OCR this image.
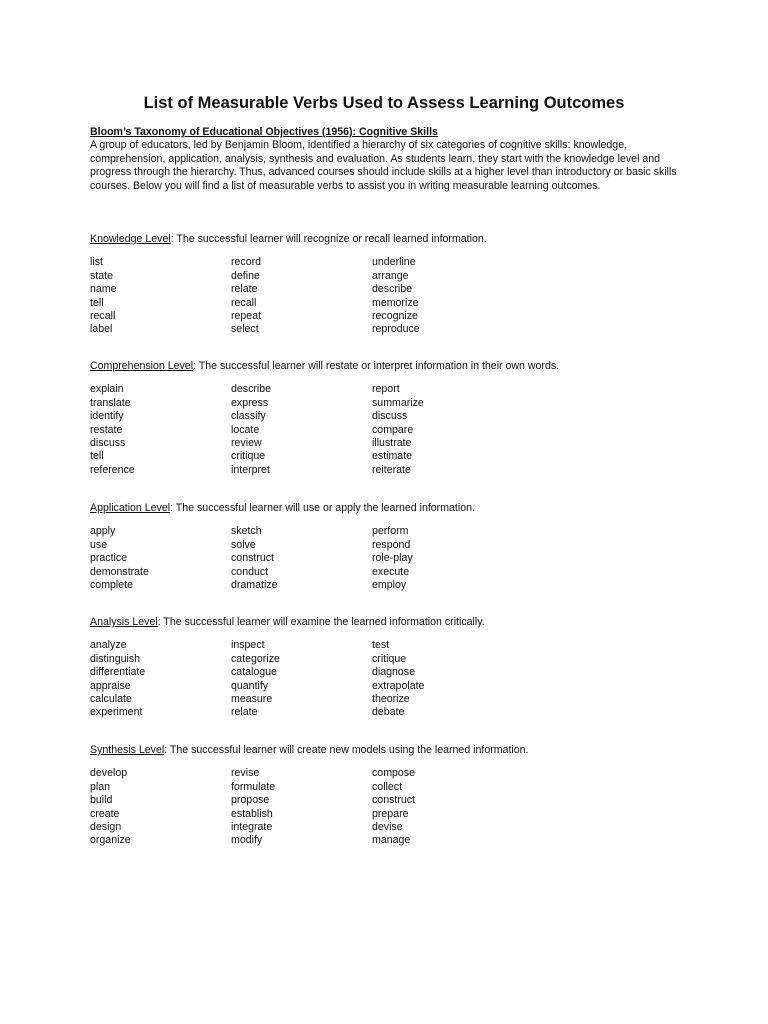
List of Measurable Verbs Used to Assess Learning Outcomes
Bloom’s Taxonomy of Educational Objectives (1956): Cognitive Skills
A group of educators, led by Benjamin Bloom, identified a hierarchy of six categories of cognitive skills: knowledge, comprehension, application, analysis, synthesis and evaluation. As students learn, they start with the knowledge level and progress through the hierarchy. Thus, advanced courses should include skills at a higher level than introductory or basic skills courses. Below you will find a list of measurable verbs to assist you in writing measurable learning outcomes.
Knowledge Level: The successful learner will recognize or recall learned information.
list	record	underline
state	define	arrange
name	relate	describe
tell	recall	memorize
recall	repeat	recognize
label	select	reproduce
Comprehension Level: The successful learner will restate or interpret information in their own words.
explain	describe	report
translate	express	summarize
identify	classify	discuss
restate	locate	compare
discuss	review	illustrate
tell	critique	estimate
reference	interpret	reiterate
Application Level: The successful learner will use or apply the learned information.
apply	sketch	perform
use	solve	respond
practice	construct	role-play
demonstrate	conduct	execute
complete	dramatize	employ
Analysis Level: The successful learner will examine the learned information critically.
analyze	inspect	test
distinguish	categorize	critique
differentiate	catalogue	diagnose
appraise	quantify	extrapolate
calculate	measure	theorize
experiment	relate	debate
Synthesis Level: The successful learner will create new models using the learned information.
develop	revise	compose
plan	formulate	collect
build	propose	construct
create	establish	prepare
design	integrate	devise
organize	modify	manage
